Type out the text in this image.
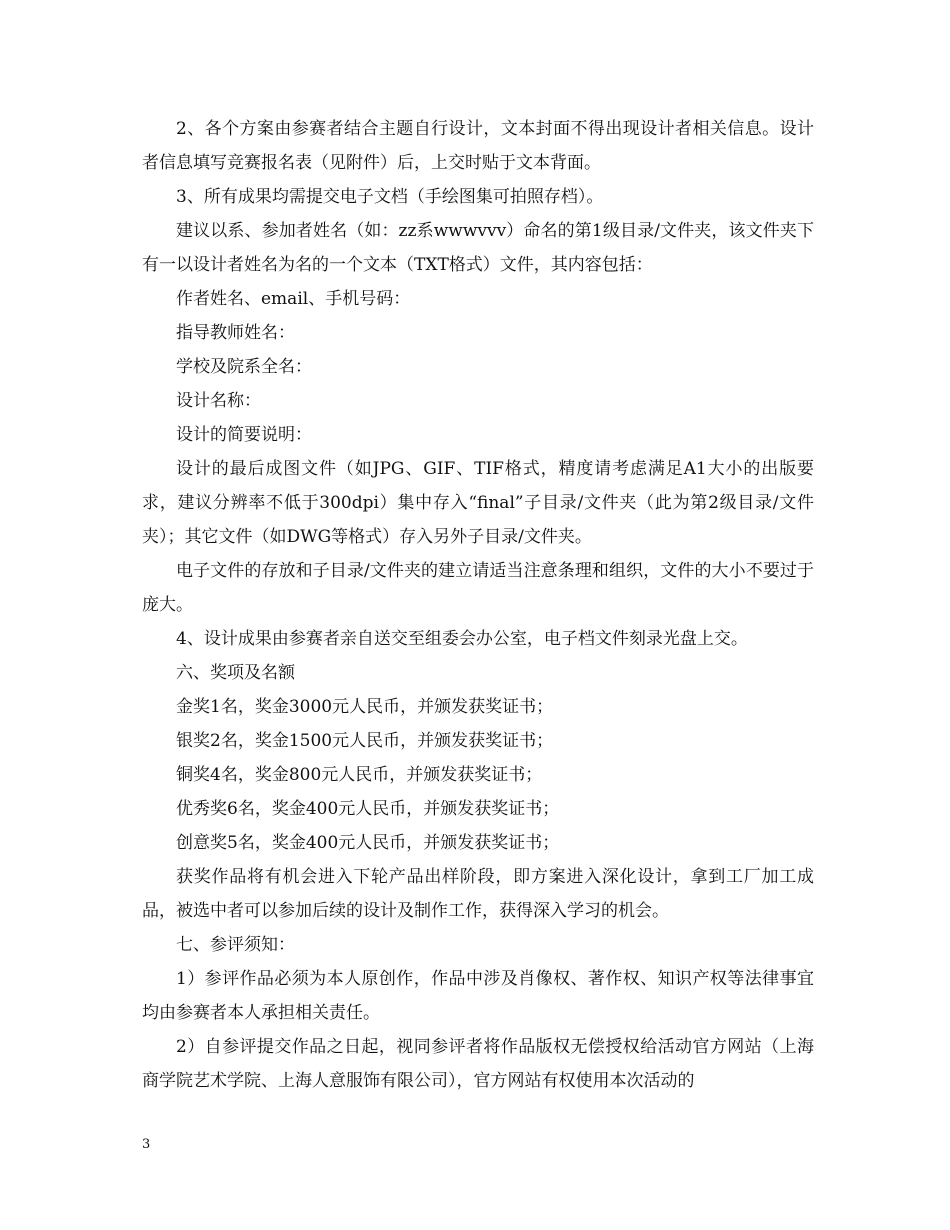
2、各个方案由参赛者结合主题自行设计，文本封面不得出现设计者相关信息。设计者信息填写竞赛报名表（见附件）后，上交时贴于文本背面。

3、所有成果均需提交电子文档（手绘图集可拍照存档）。

建议以系、参加者姓名（如：zz系wwwvvv）命名的第1级目录/文件夹，该文件夹下有一以设计者姓名为名的一个文本（TXT格式）文件，其内容包括：

作者姓名、email、手机号码：

指导教师姓名：

学校及院系全名：

设计名称：

设计的简要说明：

设计的最后成图文件（如JPG、GIF、TIF格式，精度请考虑满足A1大小的出版要求，建议分辨率不低于300dpi）集中存入“final”子目录/文件夹（此为第2级目录/文件夹）；其它文件（如DWG等格式）存入另外子目录/文件夹。

电子文件的存放和子目录/文件夹的建立请适当注意条理和组织，文件的大小不要过于庞大。

4、设计成果由参赛者亲自送交至组委会办公室，电子档文件刻录光盘上交。

六、奖项及名额

金奖1名，奖金3000元人民币，并颁发获奖证书；

银奖2名，奖金1500元人民币，并颁发获奖证书；

铜奖4名，奖金800元人民币，并颁发获奖证书；

优秀奖6名，奖金400元人民币，并颁发获奖证书；

创意奖5名，奖金400元人民币，并颁发获奖证书；

获奖作品将有机会进入下轮产品出样阶段，即方案进入深化设计，拿到工厂加工成品，被选中者可以参加后续的设计及制作工作，获得深入学习的机会。

七、参评须知：

1）参评作品必须为本人原创作，作品中涉及肖像权、著作权、知识产权等法律事宜均由参赛者本人承担相关责任。

2）自参评提交作品之日起，视同参评者将作品版权无偿授权给活动官方网站（上海商学院艺术学院、上海人意服饰有限公司），官方网站有权使用本次活动的

3
